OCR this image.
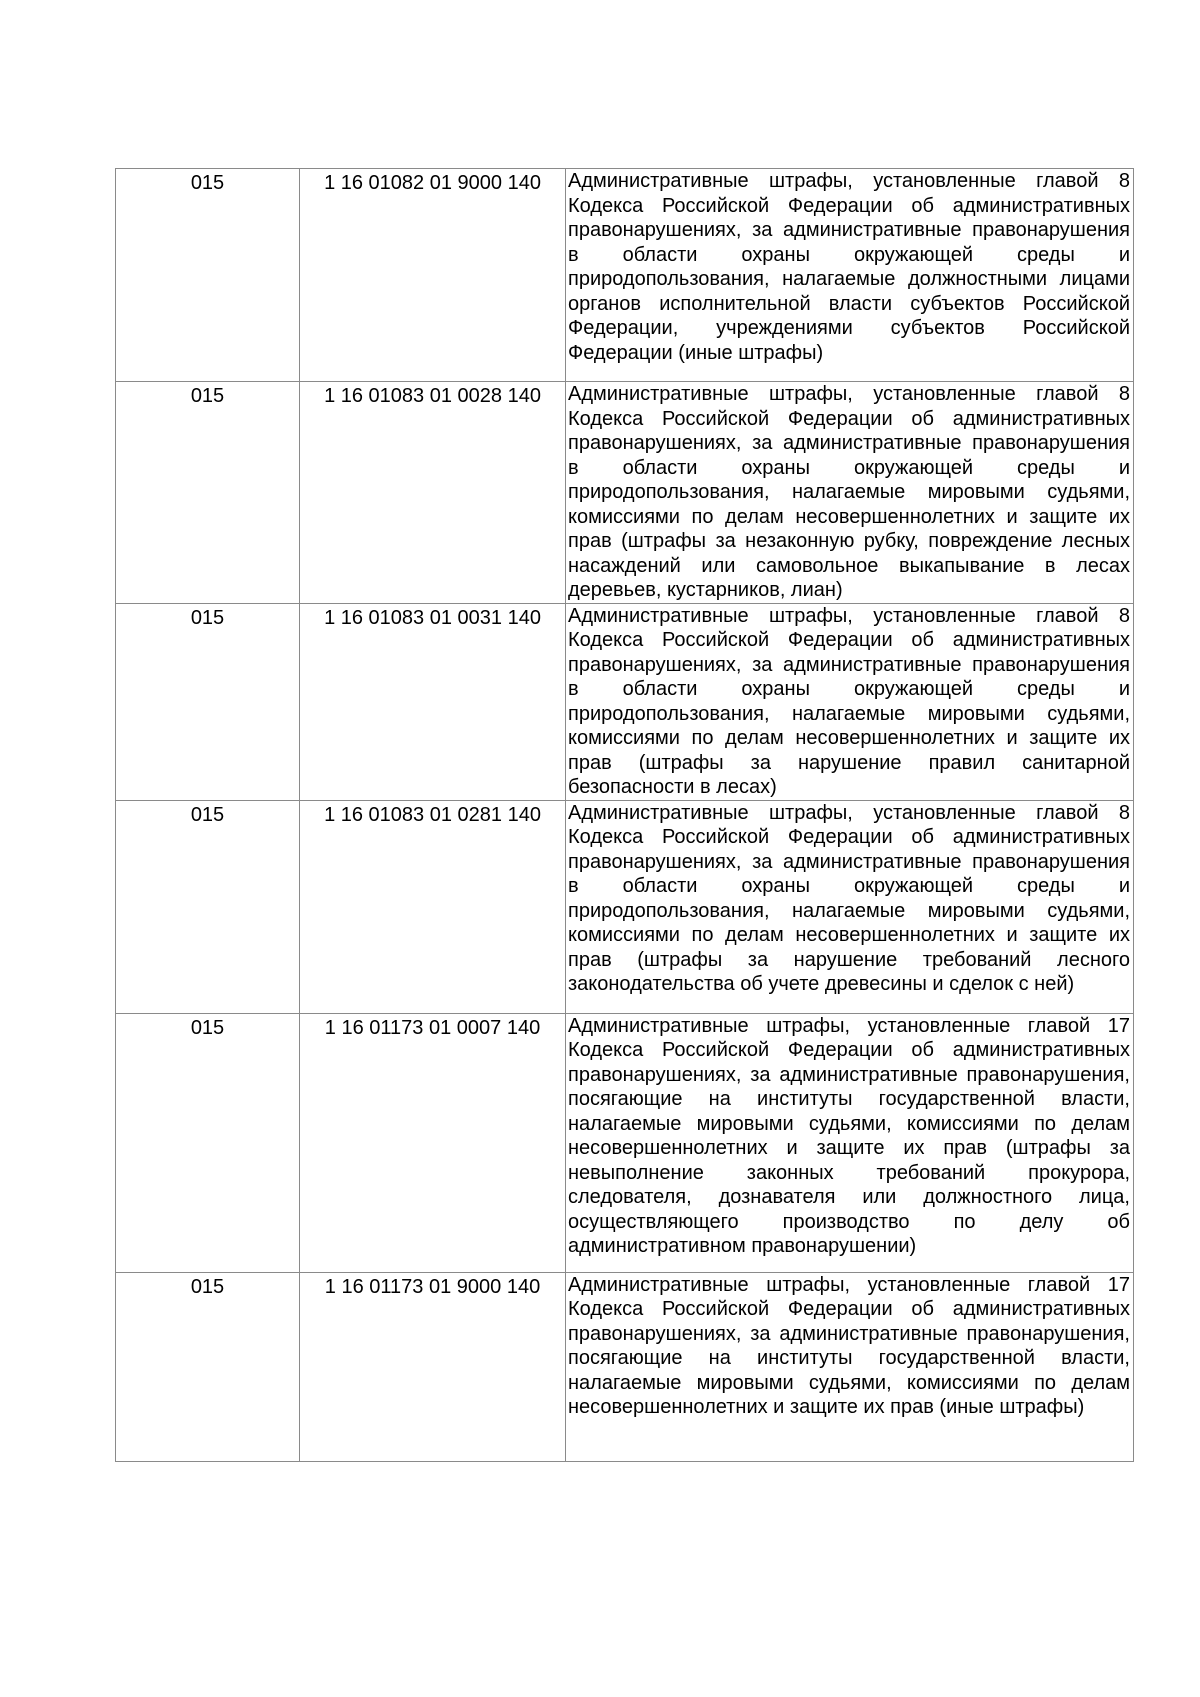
015	1 16 01082 01 9000 140	Административные штрафы, установленные главой 8 Кодекса Российской Федерации об административных правонарушениях, за административные правонарушения в области охраны окружающей среды и природопользования, налагаемые должностными лицами органов исполнительной власти субъектов Российской Федерации, учреждениями субъектов Российской Федерации (иные штрафы)

015	1 16 01083 01 0028 140	Административные штрафы, установленные главой 8 Кодекса Российской Федерации об административных правонарушениях, за административные правонарушения в области охраны окружающей среды и природопользования, налагаемые мировыми судьями, комиссиями по делам несовершеннолетних и защите их прав (штрафы за незаконную рубку, повреждение лесных насаждений или самовольное выкапывание в лесах деревьев, кустарников, лиан)

015	1 16 01083 01 0031 140	Административные штрафы, установленные главой 8 Кодекса Российской Федерации об административных правонарушениях, за административные правонарушения в области охраны окружающей среды и природопользования, налагаемые мировыми судьями, комиссиями по делам несовершеннолетних и защите их прав (штрафы за нарушение правил санитарной безопасности в лесах)

015	1 16 01083 01 0281 140	Административные штрафы, установленные главой 8 Кодекса Российской Федерации об административных правонарушениях, за административные правонарушения в области охраны окружающей среды и природопользования, налагаемые мировыми судьями, комиссиями по делам несовершеннолетних и защите их прав (штрафы за нарушение требований лесного законодательства об учете древесины и сделок с ней)

015	1 16 01173 01 0007 140	Административные штрафы, установленные главой 17 Кодекса Российской Федерации об административных правонарушениях, за административные правонарушения, посягающие на институты государственной власти, налагаемые мировыми судьями, комиссиями по делам несовершеннолетних и защите их прав (штрафы за невыполнение законных требований прокурора, следователя, дознавателя или должностного лица, осуществляющего производство по делу об административном правонарушении)

015	1 16 01173 01 9000 140	Административные штрафы, установленные главой 17 Кодекса Российской Федерации об административных правонарушениях, за административные правонарушения, посягающие на институты государственной власти, налагаемые мировыми судьями, комиссиями по делам несовершеннолетних и защите их прав (иные штрафы)
